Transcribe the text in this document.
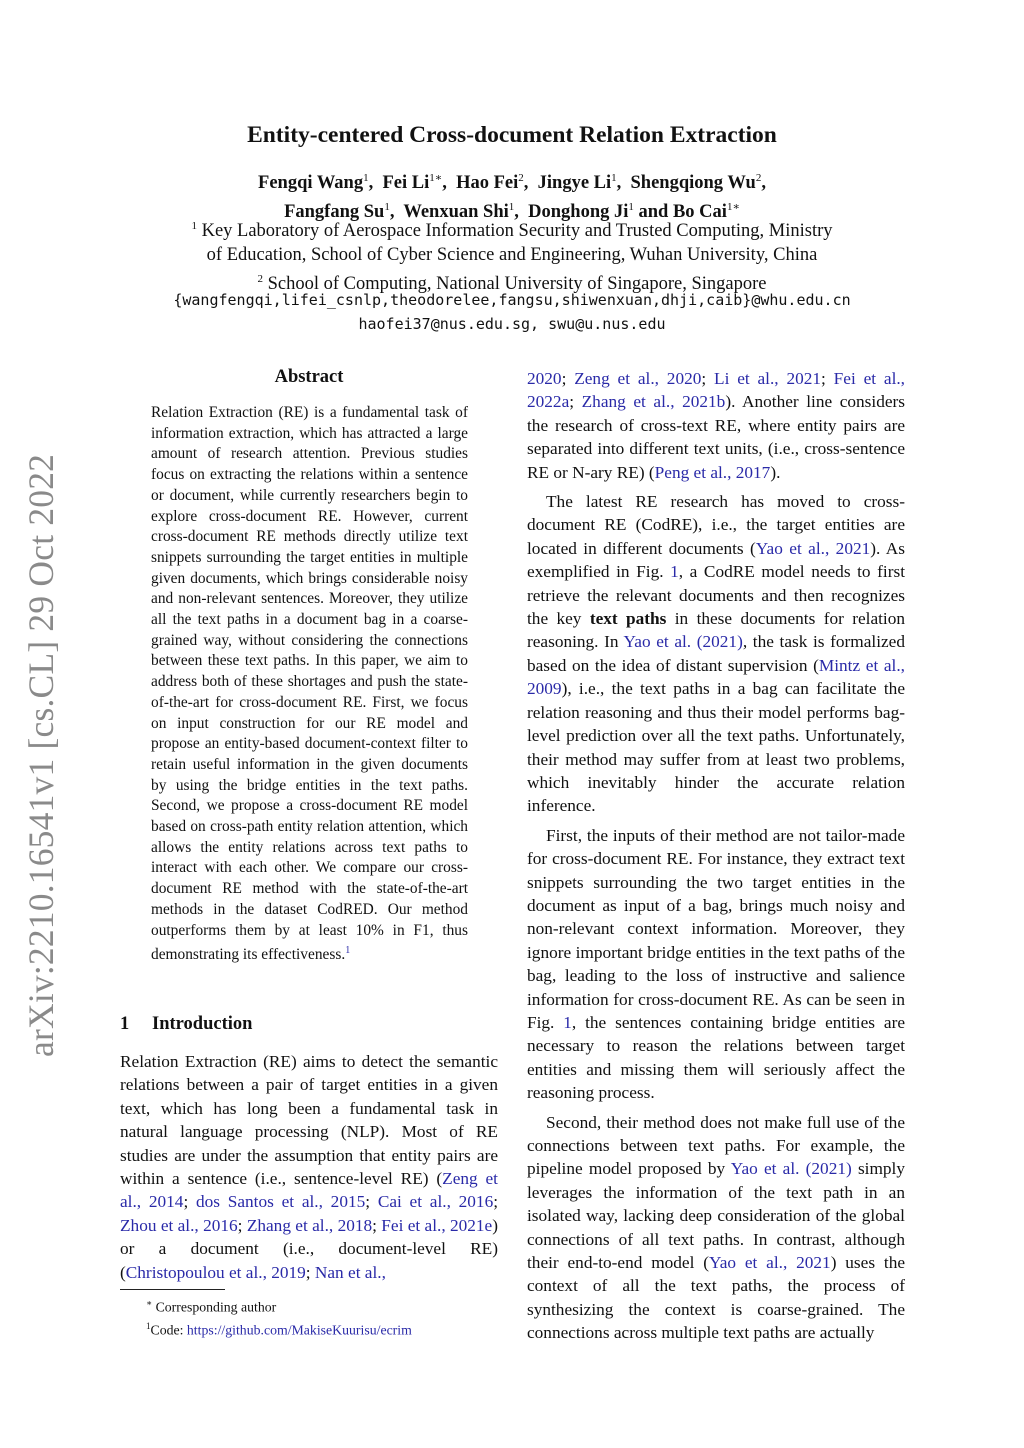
arXiv:2210.16541v1 [cs.CL] 29 Oct 2022
Entity-centered Cross-document Relation Extraction
Fengqi Wang$^1$,  Fei $Li^{1∗}$,  Hao Fei$^2$,  Jingye Li$^1$,  Shengqiong Wu$^2$,
Fangfang Su$^1$,  Wenxuan Shi$^1$,  Donghong Ji$^1$ and Bo Cai$^{1∗}$
$^1$ Key Laboratory of Aerospace Information Security and Trusted Computing, Ministry
of Education, School of Cyber Science and Engineering, Wuhan University, China
$^2$ School of Computing, National University of Singapore, Singapore
{wangfengqi,lifei_csnlp,theodorelee,fangsu,shiwenxuan,dhji,caib}@whu.edu.cn
haofei37@nus.edu.sg, swu@u.nus.edu
Abstract
Relation Extraction (RE) is a fundamental task of information extraction, which has attracted a large amount of research attention. Previous studies focus on extracting the relations within a sentence or document, while currently researchers begin to explore cross-document RE. However, current cross-document RE methods directly utilize text snippets surrounding the target entities in multiple given documents, which brings considerable noisy and non-relevant sentences. Moreover, they utilize all the text paths in a document bag in a coarse-grained way, without considering the connections between these text paths. In this paper, we aim to address both of these shortages and push the state-of-the-art for cross-document RE. First, we focus on input construction for our RE model and propose an entity-based document-context filter to retain useful information in the given documents by using the bridge entities in the text paths. Second, we propose a cross-document RE model based on cross-path entity relation attention, which allows the entity relations across text paths to interact with each other. We compare our cross-document RE method with the state-of-the-art methods in the dataset CodRED. Our method outperforms them by at least 10% in F1, thus demonstrating its effectiveness.$^1$
1 Introduction
Relation Extraction (RE) aims to detect the semantic relations between a pair of target entities in a given text, which has long been a fundamental task in natural language processing (NLP). Most of RE studies are under the assumption that entity pairs are within a sentence (i.e., sentence-level RE) (Zeng et al., 2014; dos Santos et al., 2015; Cai et al., 2016; Zhou et al., 2016; Zhang et al., 2018; Fei et al., 2021e) or a document (i.e., document-level RE) (Christopoulou et al., 2019; Nan et al.,

2020; Zeng et al., 2020; Li et al., 2021; Fei et al., 2022a; Zhang et al., 2021b). Another line considers the research of cross-text RE, where entity pairs are separated into different text units, (i.e., cross-sentence RE or N-ary RE) (Peng et al., 2017).

The latest RE research has moved to cross-document RE (CodRE), i.e., the target entities are located in different documents (Yao et al., 2021). As exemplified in Fig. 1, a CodRE model needs to first retrieve the relevant documents and then recognizes the key text paths in these documents for relation reasoning. In Yao et al. (2021), the task is formalized based on the idea of distant supervision (Mintz et al., 2009), i.e., the text paths in a bag can facilitate the relation reasoning and thus their model performs bag-level prediction over all the text paths. Unfortunately, their method may suffer from at least two problems, which inevitably hinder the accurate relation inference.

First, the inputs of their method are not tailor-made for cross-document RE. For instance, they extract text snippets surrounding the two target entities in the document as input of a bag, brings much noisy and non-relevant context information. Moreover, they ignore important bridge entities in the text paths of the bag, leading to the loss of instructive and salience information for cross-document RE. As can be seen in Fig. 1, the sentences containing bridge entities are necessary to reason the relations between target entities and missing them will seriously affect the reasoning process.

Second, their method does not make full use of the connections between text paths. For example, the pipeline model proposed by Yao et al. (2021) simply leverages the information of the text path in an isolated way, lacking deep consideration of the global connections of all text paths. In contrast, although their end-to-end model (Yao et al., 2021) uses the context of all the text paths, the process of synthesizing the context is coarse-grained. The connections across multiple text paths are actually

∗ Corresponding author
$^1$Code: https://github.com/MakiseKuurisu/ecrim
